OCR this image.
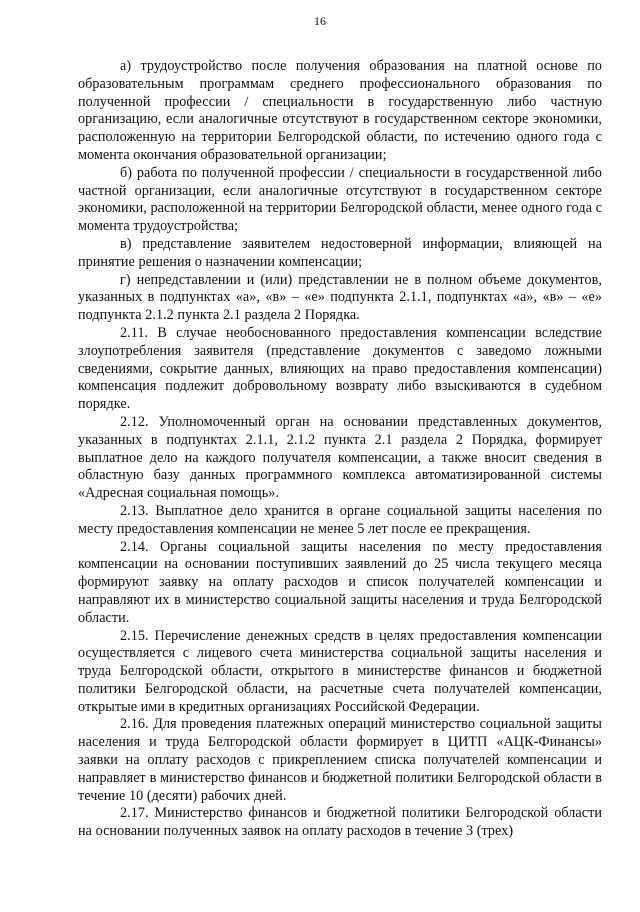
16

а) трудоустройство после получения образования на платной основе по образовательным программам среднего профессионального образования по полученной профессии / специальности в государственную либо частную организацию, если аналогичные отсутствуют в государственном секторе экономики, расположенную на территории Белгородской области, по истечению одного года с момента окончания образовательной организации;

б) работа по полученной профессии / специальности в государственной либо частной организации, если аналогичные отсутствуют в государственном секторе экономики, расположенной на территории Белгородской области, менее одного года с момента трудоустройства;

в) представление заявителем недостоверной информации, влияющей на принятие решения о назначении компенсации;

г) непредставлении и (или) представлении не в полном объеме документов, указанных в подпунктах «а», «в» – «е» подпункта 2.1.1, подпунктах «а», «в» – «е» подпункта 2.1.2 пункта 2.1 раздела 2 Порядка.

2.11. В случае необоснованного предоставления компенсации вследствие злоупотребления заявителя (представление документов с заведомо ложными сведениями, сокрытие данных, влияющих на право предоставления компенсации) компенсация подлежит добровольному возврату либо взыскиваются в судебном порядке.

2.12. Уполномоченный орган на основании представленных документов, указанных в подпунктах 2.1.1, 2.1.2 пункта 2.1 раздела 2 Порядка, формирует выплатное дело на каждого получателя компенсации, а также вносит сведения в областную базу данных программного комплекса автоматизированной системы «Адресная социальная помощь».

2.13. Выплатное дело хранится в органе социальной защиты населения по месту предоставления компенсации не менее 5 лет после ее прекращения.

2.14. Органы социальной защиты населения по месту предоставления компенсации на основании поступивших заявлений до 25 числа текущего месяца формируют заявку на оплату расходов и список получателей компенсации и направляют их в министерство социальной защиты населения и труда Белгородской области.

2.15. Перечисление денежных средств в целях предоставления компенсации осуществляется с лицевого счета министерства социальной защиты населения и труда Белгородской области, открытого в министерстве финансов и бюджетной политики Белгородской области, на расчетные счета получателей компенсации, открытые ими в кредитных организациях Российской Федерации.

2.16. Для проведения платежных операций министерство социальной защиты населения и труда Белгородской области формирует в ЦИТП «АЦК-Финансы» заявки на оплату расходов с прикреплением списка получателей компенсации и направляет в министерство финансов и бюджетной политики Белгородской области в течение 10 (десяти) рабочих дней.

2.17. Министерство финансов и бюджетной политики Белгородской области на основании полученных заявок на оплату расходов в течение 3 (трех)
